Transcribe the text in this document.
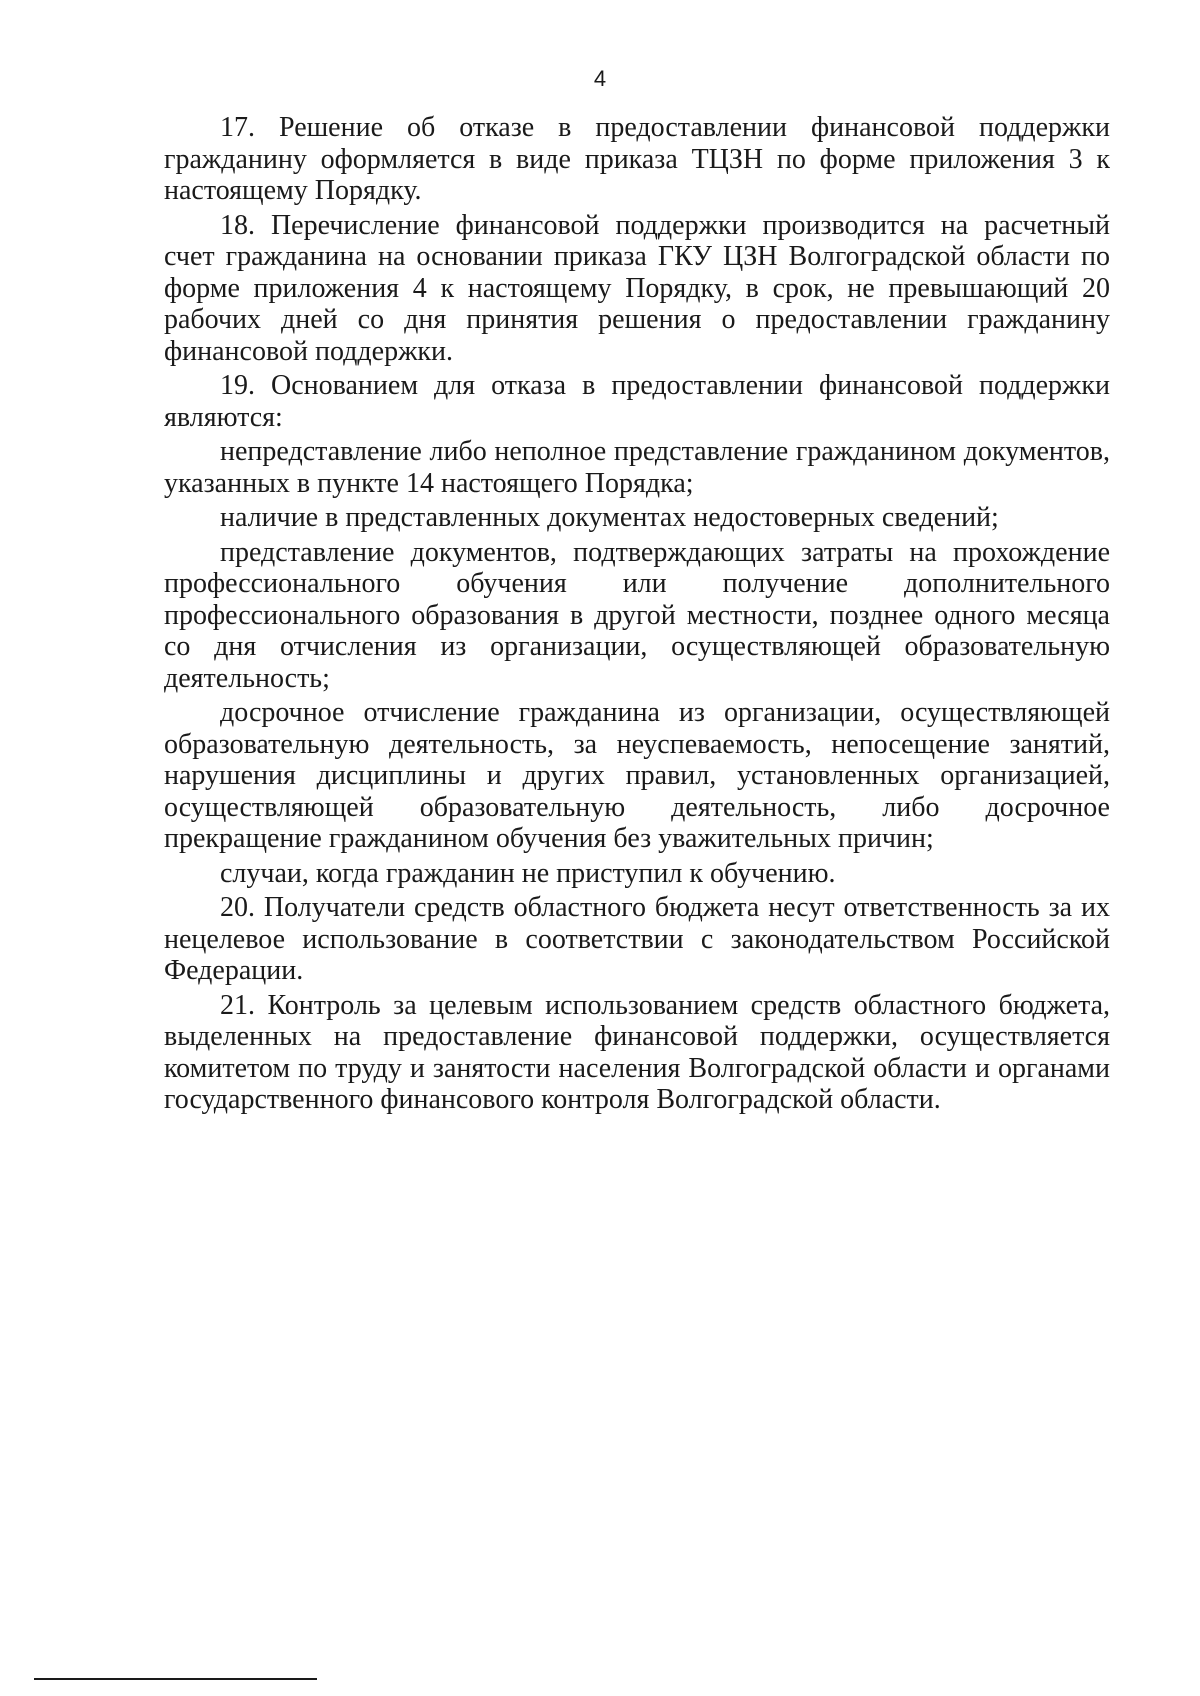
4

17. Решение об отказе в предоставлении финансовой поддержки гражданину оформляется в виде приказа ТЦЗН по форме приложения 3 к настоящему Порядку.

18. Перечисление финансовой поддержки производится на расчетный счет гражданина на основании приказа ГКУ ЦЗН Волгоградской области по форме приложения 4 к настоящему Порядку, в срок, не превышающий 20 рабочих дней со дня принятия решения о предоставлении гражданину финансовой поддержки.

19. Основанием для отказа в предоставлении финансовой поддержки являются:

непредставление либо неполное представление гражданином документов, указанных в пункте 14 настоящего Порядка;

наличие в представленных документах недостоверных сведений;

представление документов, подтверждающих затраты на прохождение профессионального обучения или получение дополнительного профессионального образования в другой местности, позднее одного месяца со дня отчисления из организации, осуществляющей образовательную деятельность;

досрочное отчисление гражданина из организации, осуществляющей образовательную деятельность, за неуспеваемость, непосещение занятий, нарушения дисциплины и других правил, установленных организацией, осуществляющей образовательную деятельность, либо досрочное прекращение гражданином обучения без уважительных причин;

случаи, когда гражданин не приступил к обучению.

20. Получатели средств областного бюджета несут ответственность за их нецелевое использование в соответствии с законодательством Российской Федерации.

21. Контроль за целевым использованием средств областного бюджета, выделенных на предоставление финансовой поддержки, осуществляется комитетом по труду и занятости населения Волгоградской области и органами государственного финансового контроля Волгоградской области.
